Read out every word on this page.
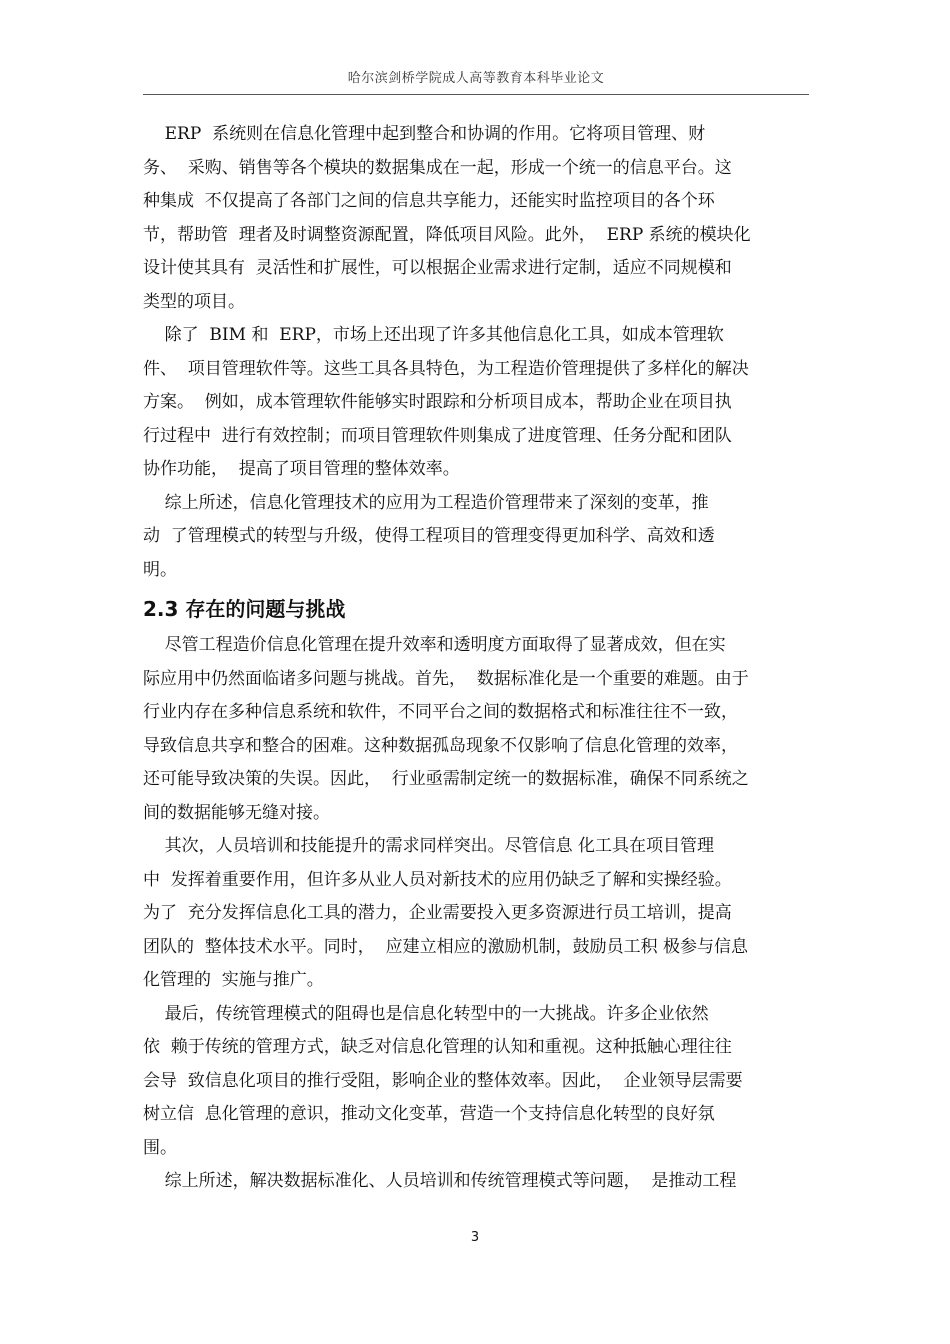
哈尔滨剑桥学院成人高等教育本科毕业论文
ERP  系统则在信息化管理中起到整合和协调的作用。它将项目管理、财
务、  采购、销售等各个模块的数据集成在一起，形成一个统一的信息平台。这
种集成  不仅提高了各部门之间的信息共享能力，还能实时监控项目的各个环
节，帮助管  理者及时调整资源配置，降低项目风险。此外，  ERP 系统的模块化
设计使其具有  灵活性和扩展性，可以根据企业需求进行定制，适应不同规模和
类型的项目。
除了  BIM 和  ERP，市场上还出现了许多其他信息化工具，如成本管理软
件、  项目管理软件等。这些工具各具特色，为工程造价管理提供了多样化的解决
方案。  例如，成本管理软件能够实时跟踪和分析项目成本，帮助企业在项目执
行过程中  进行有效控制；而项目管理软件则集成了进度管理、任务分配和团队
协作功能，  提高了项目管理的整体效率。
综上所述，信息化管理技术的应用为工程造价管理带来了深刻的变革，推
动  了管理模式的转型与升级，使得工程项目的管理变得更加科学、高效和透
明。
2.3 存在的问题与挑战
尽管工程造价信息化管理在提升效率和透明度方面取得了显著成效，但在实
际应用中仍然面临诸多问题与挑战。首先，  数据标准化是一个重要的难题。由于
行业内存在多种信息系统和软件，不同平台之间的数据格式和标准往往不一致，
导致信息共享和整合的困难。这种数据孤岛现象不仅影响了信息化管理的效率，
还可能导致决策的失误。因此，  行业亟需制定统一的数据标准，确保不同系统之
间的数据能够无缝对接。
其次，人员培训和技能提升的需求同样突出。尽管信息 化工具在项目管理
中  发挥着重要作用，但许多从业人员对新技术的应用仍缺乏了解和实操经验。
为了  充分发挥信息化工具的潜力，企业需要投入更多资源进行员工培训，提高
团队的  整体技术水平。同时，  应建立相应的激励机制，鼓励员工积 极参与信息
化管理的  实施与推广。
最后，传统管理模式的阻碍也是信息化转型中的一大挑战。许多企业依然
依  赖于传统的管理方式，缺乏对信息化管理的认知和重视。这种抵触心理往往
会导  致信息化项目的推行受阻，影响企业的整体效率。因此，  企业领导层需要
树立信  息化管理的意识，推动文化变革，营造一个支持信息化转型的良好氛
围。
综上所述，解决数据标准化、人员培训和传统管理模式等问题，  是推动工程
3
